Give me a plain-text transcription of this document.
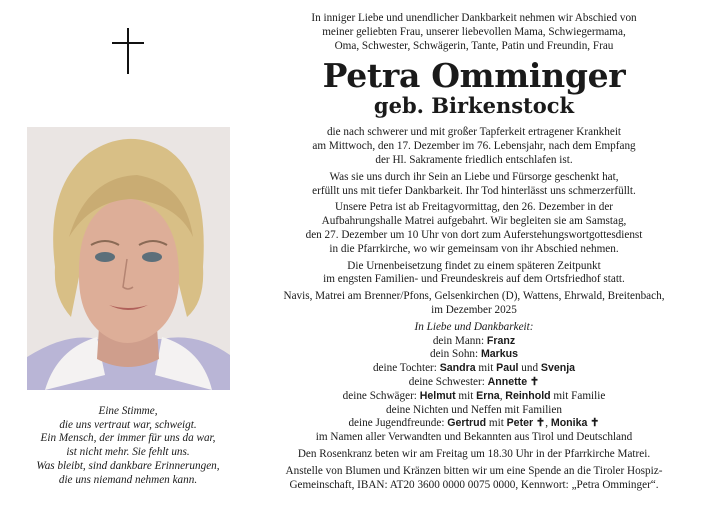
Eine Stimme,
die uns vertraut war, schweigt.
Ein Mensch, der immer für uns da war,
ist nicht mehr. Sie fehlt uns.
Was bleibt, sind dankbare Erinnerungen,
die uns niemand nehmen kann.
In inniger Liebe und unendlicher Dankbarkeit nehmen wir Abschied von
meiner geliebten Frau, unserer liebevollen Mama, Schwiegermama,
Oma, Schwester, Schwägerin, Tante, Patin und Freundin, Frau
Petra Omminger
geb. Birkenstock
die nach schwerer und mit großer Tapferkeit ertragener Krankheit
am Mittwoch, den 17. Dezember im 76. Lebensjahr, nach dem Empfang
der Hl. Sakramente friedlich entschlafen ist.
Was sie uns durch ihr Sein an Liebe und Fürsorge geschenkt hat,
erfüllt uns mit tiefer Dankbarkeit. Ihr Tod hinterlässt uns schmerzerfüllt.
Unsere Petra ist ab Freitagvormittag, den 26. Dezember in der
Aufbahrungshalle Matrei aufgebahrt. Wir begleiten sie am Samstag,
den 27. Dezember um 10 Uhr von dort zum Auferstehungswortgottesdienst
in die Pfarrkirche, wo wir gemeinsam von ihr Abschied nehmen.
Die Urnenbeisetzung findet zu einem späteren Zeitpunkt
im engsten Familien- und Freundeskreis auf dem Ortsfriedhof statt.
Navis, Matrei am Brenner/Pfons, Gelsenkirchen (D), Wattens, Ehrwald, Breitenbach,
im Dezember 2025
In Liebe und Dankbarkeit:
dein Mann: Franz
dein Sohn: Markus
deine Tochter: Sandra mit Paul und Svenja
deine Schwester: Annette ✝
deine Schwäger: Helmut mit Erna, Reinhold mit Familie
deine Nichten und Neffen mit Familien
deine Jugendfreunde: Gertrud mit Peter ✝, Monika ✝
im Namen aller Verwandten und Bekannten aus Tirol und Deutschland
Den Rosenkranz beten wir am Freitag um 18.30 Uhr in der Pfarrkirche Matrei.
Anstelle von Blumen und Kränzen bitten wir um eine Spende an die Tiroler Hospiz-
Gemeinschaft, IBAN: AT20 3600 0000 0075 0000, Kennwort: „Petra Omminger“.
